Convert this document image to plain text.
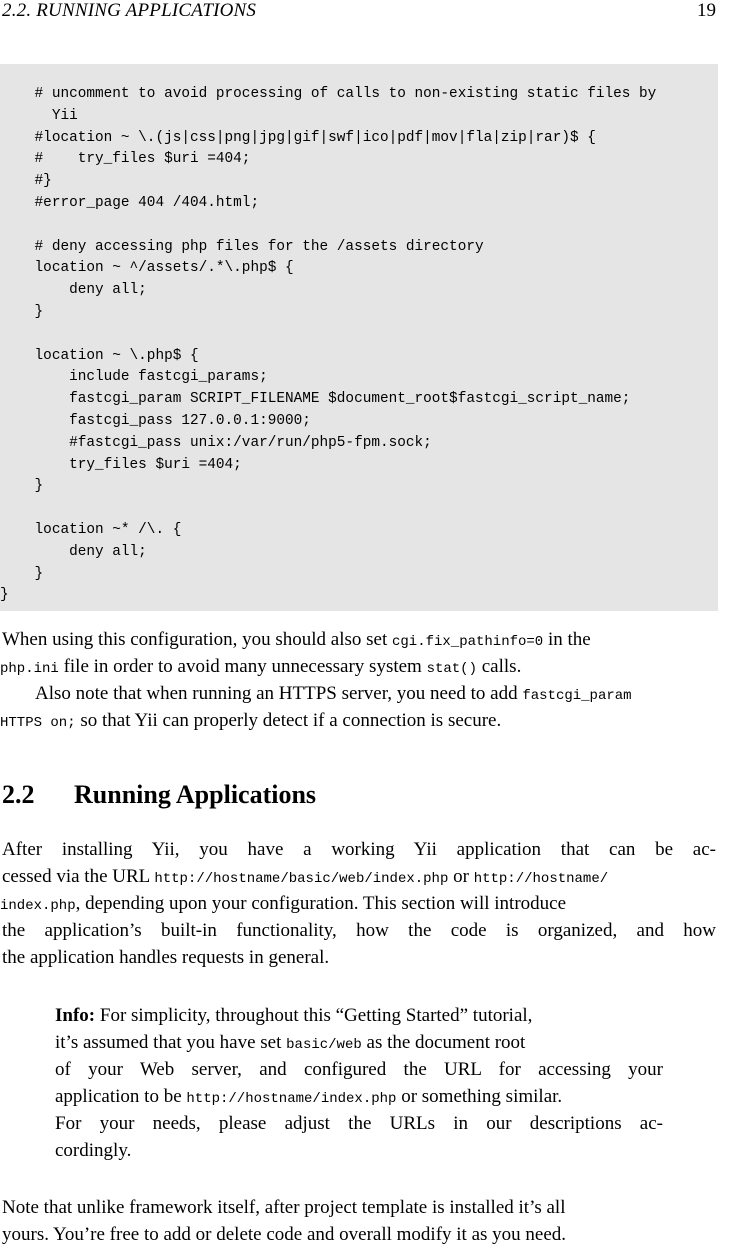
2.2. RUNNING APPLICATIONS	19
# uncomment to avoid processing of calls to non-existing static files by
Yii
#location ~ \.(js|css|png|jpg|gif|swf|ico|pdf|mov|fla|zip|rar)$ {
#    try_files $uri =404;
#}
#error_page 404 /404.html;
# deny accessing php files for the /assets directory
location ~ ^/assets/.*\.php$ {
deny all;
}
location ~ \.php$ {
include fastcgi_params;
fastcgi_param SCRIPT_FILENAME $document_root$fastcgi_script_name;
fastcgi_pass 127.0.0.1:9000;
#fastcgi_pass unix:/var/run/php5-fpm.sock;
try_files $uri =404;
}
location ~* /\. {
deny all;
}
}
When using this configuration, you should also set cgi.fix_pathinfo=0 in the
php.ini file in order to avoid many unnecessary system stat() calls.
Also note that when running an HTTPS server, you need to add fastcgi_param
HTTPS on; so that Yii can properly detect if a connection is secure.
2.2 Running Applications
After installing Yii, you have a working Yii application that can be ac-
cessed via the URL http://hostname/basic/web/index.php or http://hostname/
index.php, depending upon your configuration. This section will introduce
the application’s built-in functionality, how the code is organized, and how
the application handles requests in general.
Info: For simplicity, throughout this “Getting Started” tutorial,
it’s assumed that you have set basic/web as the document root
of your Web server, and configured the URL for accessing your
application to be http://hostname/index.php or something similar.
For your needs, please adjust the URLs in our descriptions ac-
cordingly.
Note that unlike framework itself, after project template is installed it’s all
yours. You’re free to add or delete code and overall modify it as you need.
